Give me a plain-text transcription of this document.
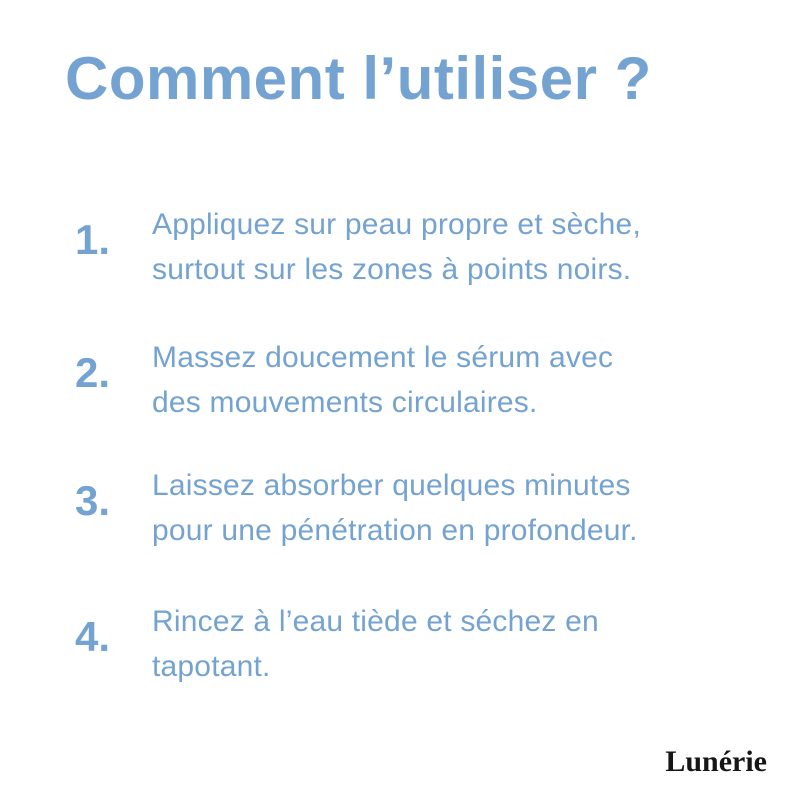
Comment l’utiliser ?
1. Appliquez sur peau propre et sèche,
surtout sur les zones à points noirs.
2. Massez doucement le sérum avec
des mouvements circulaires.
3. Laissez absorber quelques minutes
pour une pénétration en profondeur.
4. Rincez à l’eau tiède et séchez en
tapotant.
Lunérie
